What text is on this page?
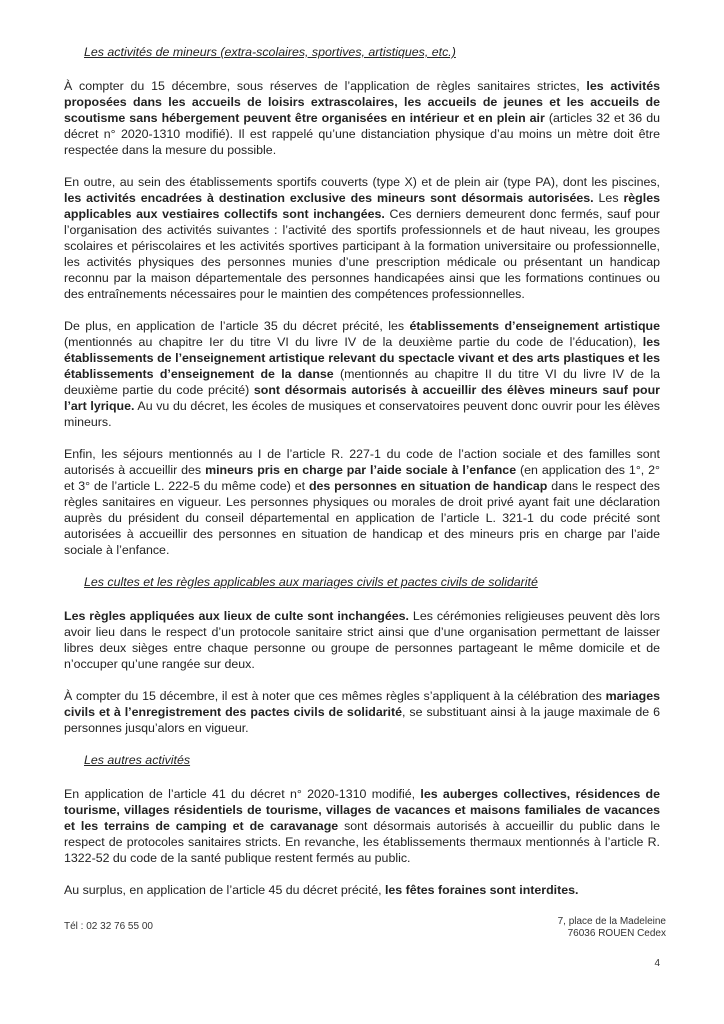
Les activités de mineurs (extra-scolaires, sportives, artistiques, etc.)

À compter du 15 décembre, sous réserves de l’application de règles sanitaires strictes, les activités proposées dans les accueils de loisirs extrascolaires, les accueils de jeunes et les accueils de scoutisme sans hébergement peuvent être organisées en intérieur et en plein air (articles 32 et 36 du décret n° 2020-1310 modifié). Il est rappelé qu’une distanciation physique d’au moins un mètre doit être respectée dans la mesure du possible.

En outre, au sein des établissements sportifs couverts (type X) et de plein air (type PA), dont les piscines, les activités encadrées à destination exclusive des mineurs sont désormais autorisées. Les règles applicables aux vestiaires collectifs sont inchangées. Ces derniers demeurent donc fermés, sauf pour l’organisation des activités suivantes : l’activité des sportifs professionnels et de haut niveau, les groupes scolaires et périscolaires et les activités sportives participant à la formation universitaire ou professionnelle, les activités physiques des personnes munies d’une prescription médicale ou présentant un handicap reconnu par la maison départementale des personnes handicapées ainsi que les formations continues ou des entraînements nécessaires pour le maintien des compétences professionnelles.

De plus, en application de l’article 35 du décret précité, les établissements d’enseignement artistique (mentionnés au chapitre Ier du titre VI du livre IV de la deuxième partie du code de l’éducation), les établissements de l’enseignement artistique relevant du spectacle vivant et des arts plastiques et les établissements d’enseignement de la danse (mentionnés au chapitre II du titre VI du livre IV de la deuxième partie du code précité) sont désormais autorisés à accueillir des élèves mineurs sauf pour l’art lyrique. Au vu du décret, les écoles de musiques et conservatoires peuvent donc ouvrir pour les élèves mineurs.

Enfin, les séjours mentionnés au I de l’article R. 227-1 du code de l’action sociale et des familles sont autorisés à accueillir des mineurs pris en charge par l’aide sociale à l’enfance (en application des 1°, 2° et 3° de l’article L. 222-5 du même code) et des personnes en situation de handicap dans le respect des règles sanitaires en vigueur. Les personnes physiques ou morales de droit privé ayant fait une déclaration auprès du président du conseil départemental en application de l’article L. 321-1 du code précité sont autorisées à accueillir des personnes en situation de handicap et des mineurs pris en charge par l’aide sociale à l’enfance.

Les cultes et les règles applicables aux mariages civils et pactes civils de solidarité

Les règles appliquées aux lieux de culte sont inchangées. Les cérémonies religieuses peuvent dès lors avoir lieu dans le respect d’un protocole sanitaire strict ainsi que d’une organisation permettant de laisser libres deux sièges entre chaque personne ou groupe de personnes partageant le même domicile et de n’occuper qu’une rangée sur deux.

À compter du 15 décembre, il est à noter que ces mêmes règles s’appliquent à la célébration des mariages civils et à l’enregistrement des pactes civils de solidarité, se substituant ainsi à la jauge maximale de 6 personnes jusqu’alors en vigueur.

Les autres activités

En application de l’article 41 du décret n° 2020-1310 modifié, les auberges collectives, résidences de tourisme, villages résidentiels de tourisme, villages de vacances et maisons familiales de vacances et les terrains de camping et de caravanage sont désormais autorisés à accueillir du public dans le respect de protocoles sanitaires stricts. En revanche, les établissements thermaux mentionnés à l’article R. 1322-52 du code de la santé publique restent fermés au public.

Au surplus, en application de l’article 45 du décret précité, les fêtes foraines sont interdites.

Tél : 02 32 76 55 00	7, place de la Madeleine
76036 ROUEN Cedex
4
